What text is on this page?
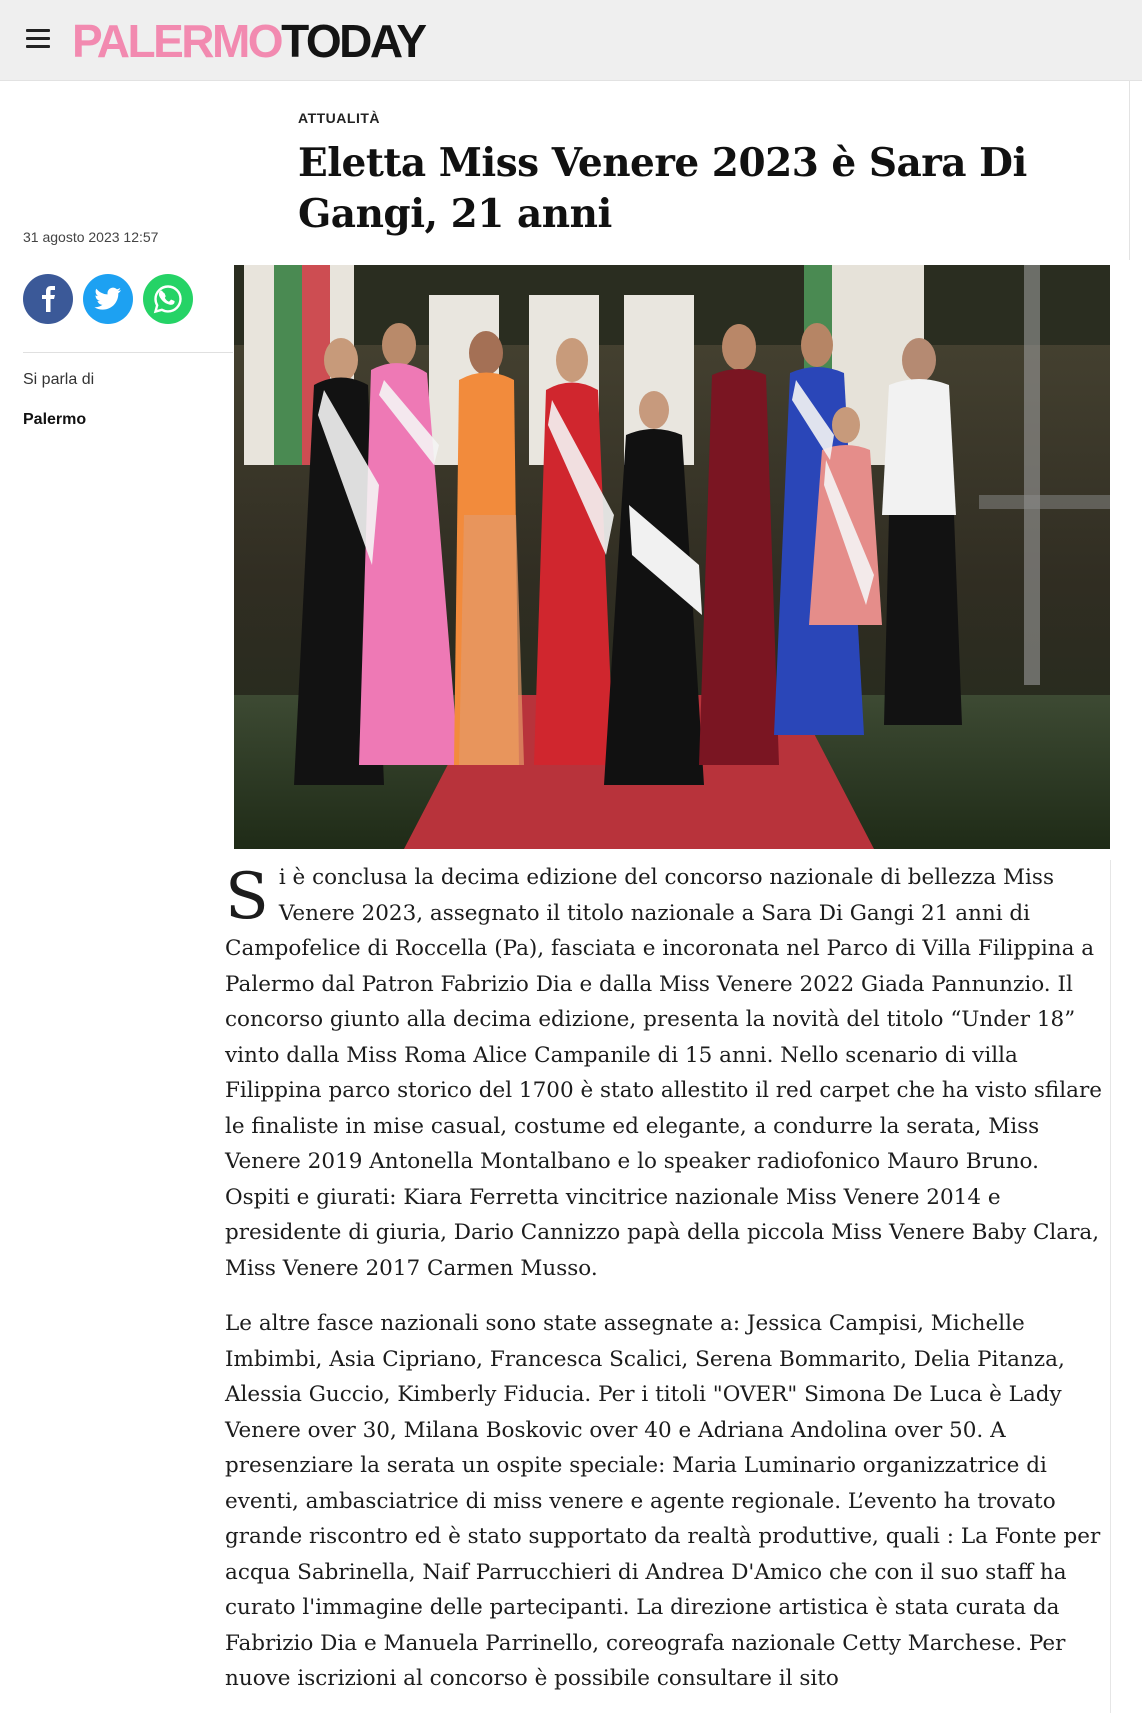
PALERMOTODAY
31 agosto 2023 12:57
Si parla di
Palermo
ATTUALITÀ
Eletta Miss Venere 2023 è Sara Di Gangi, 21 anni

Si è conclusa la decima edizione del concorso nazionale di bellezza Miss Venere 2023, assegnato il titolo nazionale a Sara Di Gangi 21 anni di Campofelice di Roccella (Pa), fasciata e incoronata nel Parco di Villa Filippina a Palermo dal Patron Fabrizio Dia e dalla Miss Venere 2022 Giada Pannunzio. Il concorso giunto alla decima edizione, presenta la novità del titolo “Under 18” vinto dalla Miss Roma Alice Campanile di 15 anni. Nello scenario di villa Filippina parco storico del 1700 è stato allestito il red carpet che ha visto sfilare le finaliste in mise casual, costume ed elegante, a condurre la serata, Miss Venere 2019 Antonella Montalbano e lo speaker radiofonico Mauro Bruno. Ospiti e giurati: Kiara Ferretta vincitrice nazionale Miss Venere 2014 e presidente di giuria, Dario Cannizzo papà della piccola Miss Venere Baby Clara, Miss Venere 2017 Carmen Musso.

Le altre fasce nazionali sono state assegnate a: Jessica Campisi, Michelle Imbimbi, Asia Cipriano, Francesca Scalici, Serena Bommarito, Delia Pitanza, Alessia Guccio, Kimberly Fiducia. Per i titoli "OVER" Simona De Luca è Lady Venere over 30, Milana Boskovic over 40 e Adriana Andolina over 50. A presenziare la serata un ospite speciale: Maria Luminario organizzatrice di eventi, ambasciatrice di miss venere e agente regionale. L’evento ha trovato grande riscontro ed è stato supportato da realtà produttive, quali : La Fonte per acqua Sabrinella, Naif Parrucchieri di Andrea D'Amico che con il suo staff ha curato l'immagine delle partecipanti. La direzione artistica è stata curata da Fabrizio Dia e Manuela Parrinello, coreografa nazionale Cetty Marchese. Per nuove iscrizioni al concorso è possibile consultare il sito
